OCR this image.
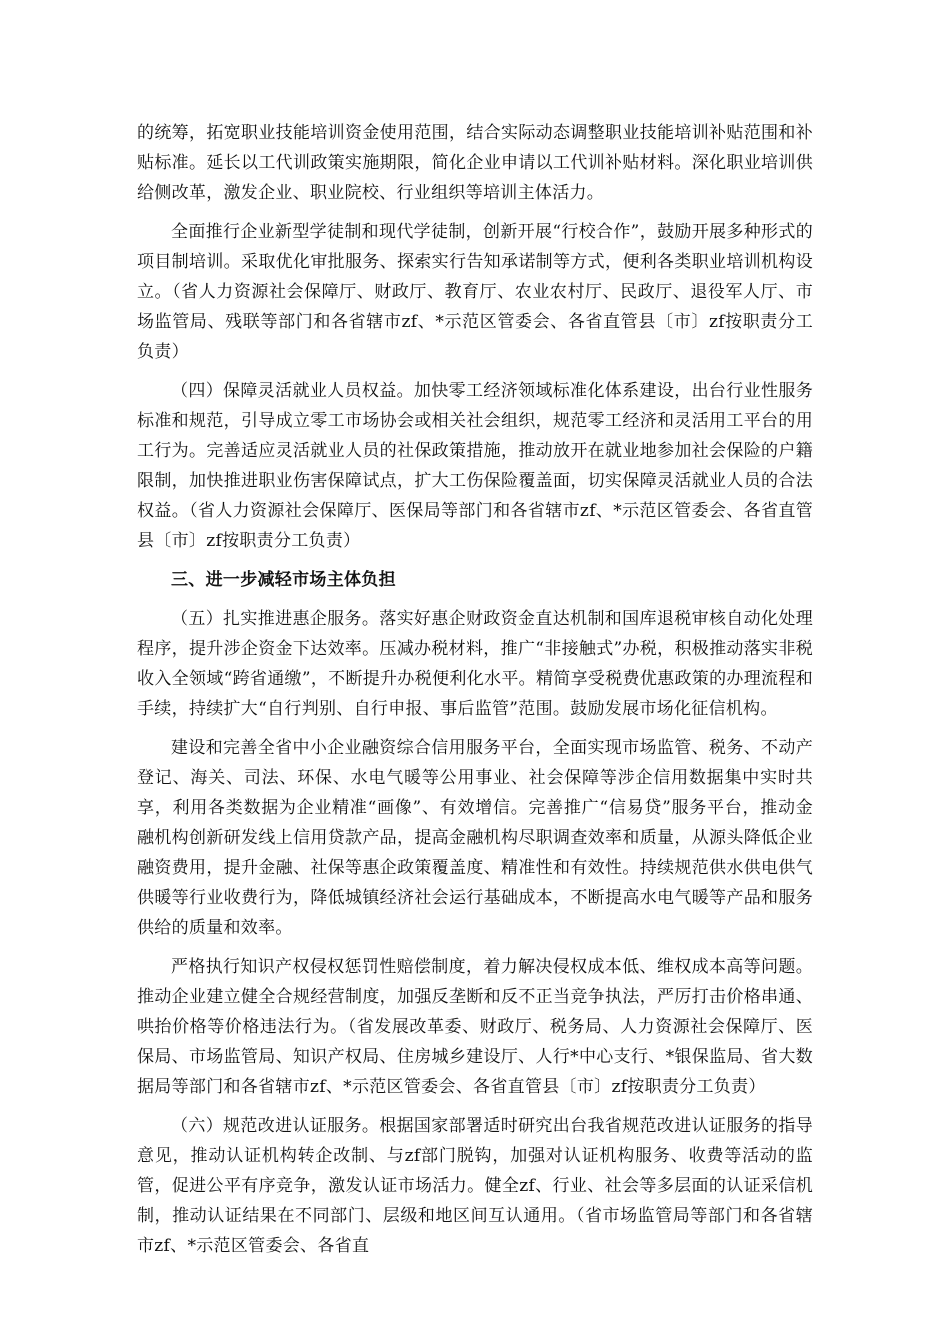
的统筹，拓宽职业技能培训资金使用范围，结合实际动态调整职业技能培训补贴范围和补贴标准。延长以工代训政策实施期限，简化企业申请以工代训补贴材料。深化职业培训供给侧改革，激发企业、职业院校、行业组织等培训主体活力。

全面推行企业新型学徒制和现代学徒制，创新开展“行校合作”，鼓励开展多种形式的项目制培训。采取优化审批服务、探索实行告知承诺制等方式，便利各类职业培训机构设立。（省人力资源社会保障厅、财政厅、教育厅、农业农村厅、民政厅、退役军人厅、市场监管局、残联等部门和各省辖市zf、*示范区管委会、各省直管县〔市〕zf按职责分工负责）

（四）保障灵活就业人员权益。加快零工经济领域标准化体系建设，出台行业性服务标准和规范，引导成立零工市场协会或相关社会组织，规范零工经济和灵活用工平台的用工行为。完善适应灵活就业人员的社保政策措施，推动放开在就业地参加社会保险的户籍限制，加快推进职业伤害保障试点，扩大工伤保险覆盖面，切实保障灵活就业人员的合法权益。（省人力资源社会保障厅、医保局等部门和各省辖市zf、*示范区管委会、各省直管县〔市〕zf按职责分工负责）

三、进一步减轻市场主体负担

（五）扎实推进惠企服务。落实好惠企财政资金直达机制和国库退税审核自动化处理程序，提升涉企资金下达效率。压减办税材料，推广“非接触式”办税，积极推动落实非税收入全领域“跨省通缴”，不断提升办税便利化水平。精简享受税费优惠政策的办理流程和手续，持续扩大“自行判别、自行申报、事后监管”范围。鼓励发展市场化征信机构。

建设和完善全省中小企业融资综合信用服务平台，全面实现市场监管、税务、不动产登记、海关、司法、环保、水电气暖等公用事业、社会保障等涉企信用数据集中实时共享，利用各类数据为企业精准“画像”、有效增信。完善推广“信易贷”服务平台，推动金融机构创新研发线上信用贷款产品，提高金融机构尽职调查效率和质量，从源头降低企业融资费用，提升金融、社保等惠企政策覆盖度、精准性和有效性。持续规范供水供电供气供暖等行业收费行为，降低城镇经济社会运行基础成本，不断提高水电气暖等产品和服务供给的质量和效率。

严格执行知识产权侵权惩罚性赔偿制度，着力解决侵权成本低、维权成本高等问题。推动企业建立健全合规经营制度，加强反垄断和反不正当竞争执法，严厉打击价格串通、哄抬价格等价格违法行为。（省发展改革委、财政厅、税务局、人力资源社会保障厅、医保局、市场监管局、知识产权局、住房城乡建设厅、人行*中心支行、*银保监局、省大数据局等部门和各省辖市zf、*示范区管委会、各省直管县〔市〕zf按职责分工负责）

（六）规范改进认证服务。根据国家部署适时研究出台我省规范改进认证服务的指导意见，推动认证机构转企改制、与zf部门脱钩，加强对认证机构服务、收费等活动的监管，促进公平有序竞争，激发认证市场活力。健全zf、行业、社会等多层面的认证采信机制，推动认证结果在不同部门、层级和地区间互认通用。（省市场监管局等部门和各省辖市zf、*示范区管委会、各省直
